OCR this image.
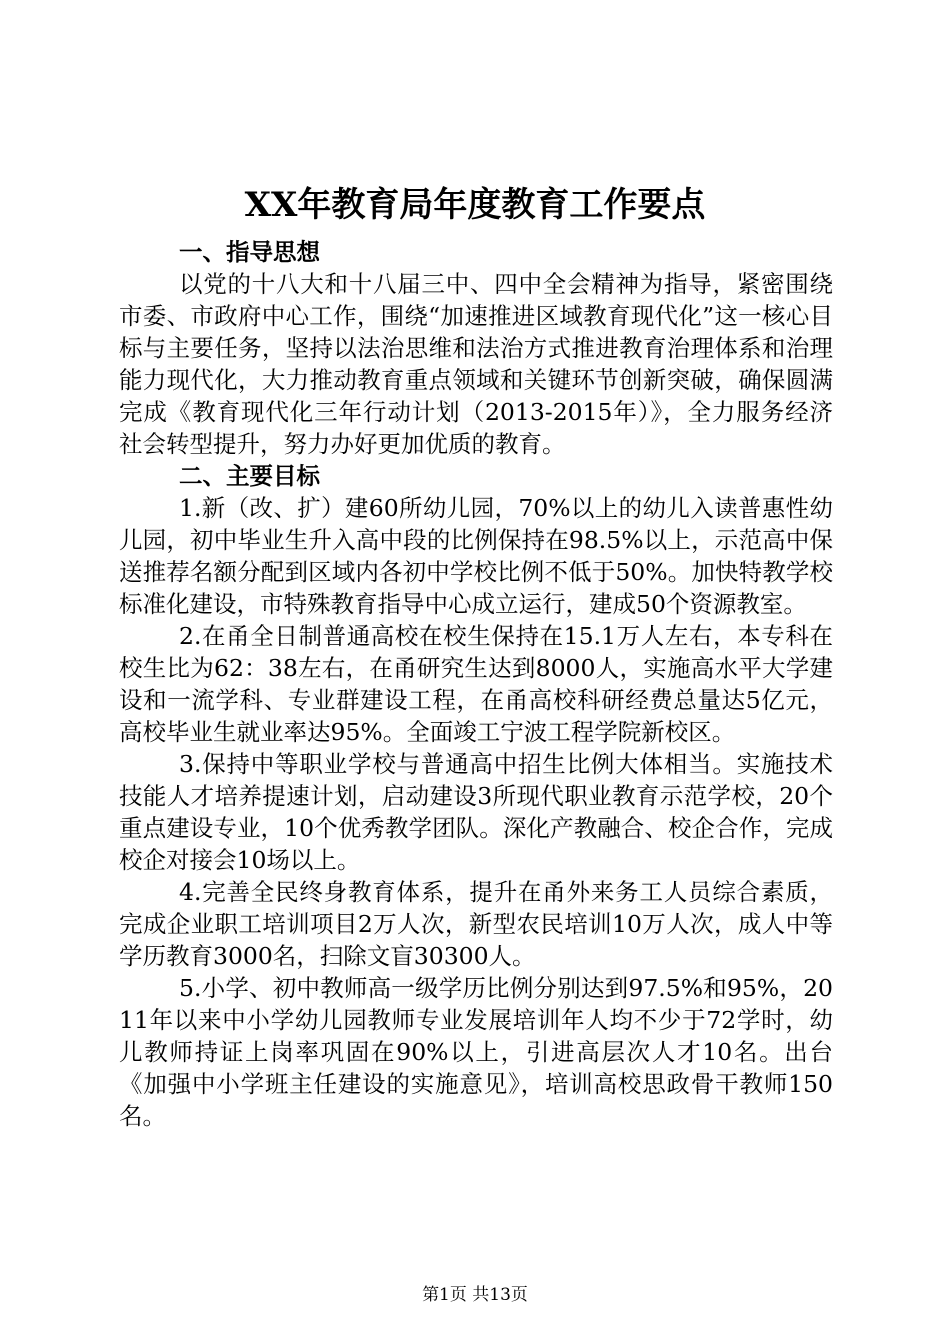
XX年教育局年度教育工作要点
一、指导思想

以党的十八大和十八届三中、四中全会精神为指导，紧密围绕市委、市政府中心工作，围绕“加速推进区域教育现代化”这一核心目标与主要任务，坚持以法治思维和法治方式推进教育治理体系和治理能力现代化，大力推动教育重点领域和关键环节创新突破，确保圆满完成《教育现代化三年行动计划（2013-2015年）》，全力服务经济社会转型提升，努力办好更加优质的教育。

二、主要目标

1.新（改、扩）建60所幼儿园，70%以上的幼儿入读普惠性幼儿园，初中毕业生升入高中段的比例保持在98.5%以上，示范高中保送推荐名额分配到区域内各初中学校比例不低于50%。加快特教学校标准化建设，市特殊教育指导中心成立运行，建成50个资源教室。

2.在甬全日制普通高校在校生保持在15.1万人左右，本专科在校生比为62：38左右，在甬研究生达到8000人，实施高水平大学建设和一流学科、专业群建设工程，在甬高校科研经费总量达5亿元，高校毕业生就业率达95%。全面竣工宁波工程学院新校区。

3.保持中等职业学校与普通高中招生比例大体相当。实施技术技能人才培养提速计划，启动建设3所现代职业教育示范学校，20个重点建设专业，10个优秀教学团队。深化产教融合、校企合作，完成校企对接会10场以上。

4.完善全民终身教育体系，提升在甬外来务工人员综合素质，完成企业职工培训项目2万人次，新型农民培训10万人次，成人中等学历教育3000名，扫除文盲30300人。

5.小学、初中教师高一级学历比例分别达到97.5%和95%，2011年以来中小学幼儿园教师专业发展培训年人均不少于72学时，幼儿教师持证上岗率巩固在90%以上，引进高层次人才10名。出台《加强中小学班主任建设的实施意见》，培训高校思政骨干教师150名。

第1页 共13页
